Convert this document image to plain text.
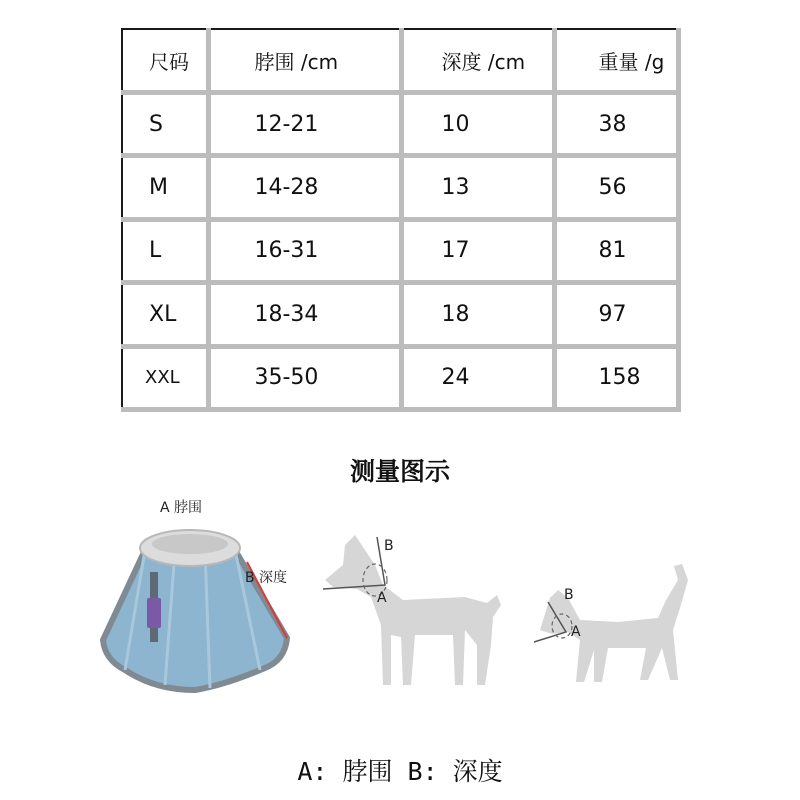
尺码	脖围 /cm	深度 /cm	重量 /g
S	12-21	10	38
M	14-28	13	56
L	16-31	17	81
XL	18-34	18	97
XXL	35-50	24	158
测量图示
A 脖围
B 深度
B
A	B
A
A: 脖围 B: 深度
